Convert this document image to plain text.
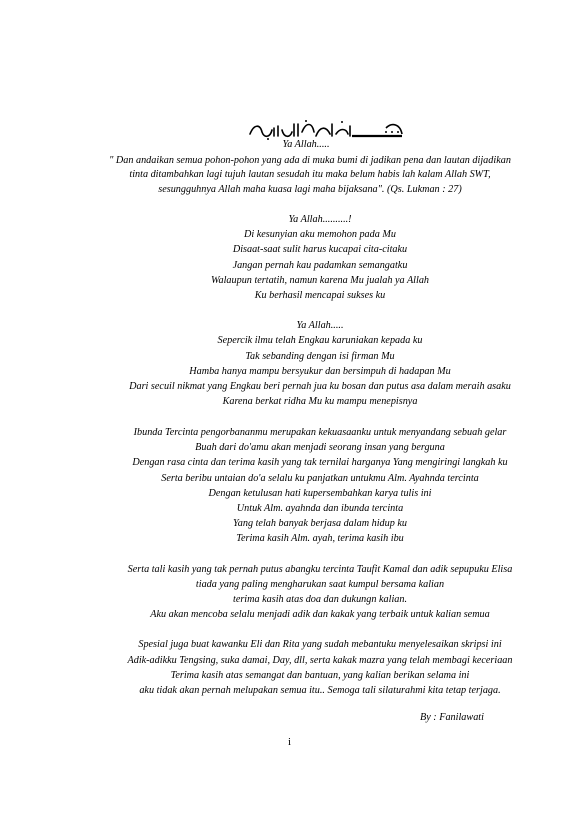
Ya Allah.....
" Dan andaikan semua pohon-pohon yang ada di muka bumi di jadikan pena dan lautan dijadikan
tinta ditambahkan lagi tujuh lautan sesudah itu maka belum habis lah kalam Allah SWT,
sesungguhnya Allah maha kuasa lagi maha bijaksana". (Qs. Lukman : 27)
Ya Allah..........!
Di kesunyian aku memohon pada Mu
Disaat-saat sulit harus kucapai cita-citaku
Jangan pernah kau padamkan semangatku
Walaupun tertatih, namun karena Mu jualah ya Allah
Ku berhasil mencapai sukses ku
Ya Allah.....
Sepercik ilmu telah Engkau karuniakan kepada ku
Tak sebanding dengan isi firman Mu
Hamba hanya mampu bersyukur dan bersimpuh di hadapan Mu
Dari secuil nikmat yang Engkau beri pernah jua ku bosan dan putus asa dalam meraih asaku
Karena berkat ridha Mu ku mampu menepisnya
Ibunda Tercinta pengorbananmu merupakan kekuasaanku untuk menyandang sebuah gelar
Buah dari do'amu akan menjadi seorang insan yang berguna
Dengan rasa cinta dan terima kasih yang tak ternilai harganya Yang mengiringi langkah ku
Serta beribu untaian do'a selalu ku panjatkan untukmu Alm. Ayahnda tercinta
Dengan ketulusan hati kupersembahkan karya tulis ini
Untuk Alm. ayahnda dan ibunda tercinta
Yang telah banyak berjasa dalam hidup ku
Terima kasih Alm. ayah, terima kasih ibu
Serta tali kasih yang tak pernah putus abangku tercinta Taufit Kamal dan adik sepupuku Elisa
tiada yang paling mengharukan saat kumpul bersama kalian
terima kasih atas doa dan dukungn kalian.
Aku akan mencoba selalu menjadi adik dan kakak yang terbaik untuk kalian semua
Spesial juga buat kawanku Eli dan Rita yang sudah mebantuku menyelesaikan skripsi ini
Adik-adikku Tengsing, suka damai, Day, dll, serta kakak mazra yang telah membagi keceriaan
Terima kasih atas semangat dan bantuan, yang kalian berikan selama ini
aku tidak akan pernah melupakan semua itu.. Semoga tali silaturahmi kita tetap terjaga.
By : Fanilawati
i
